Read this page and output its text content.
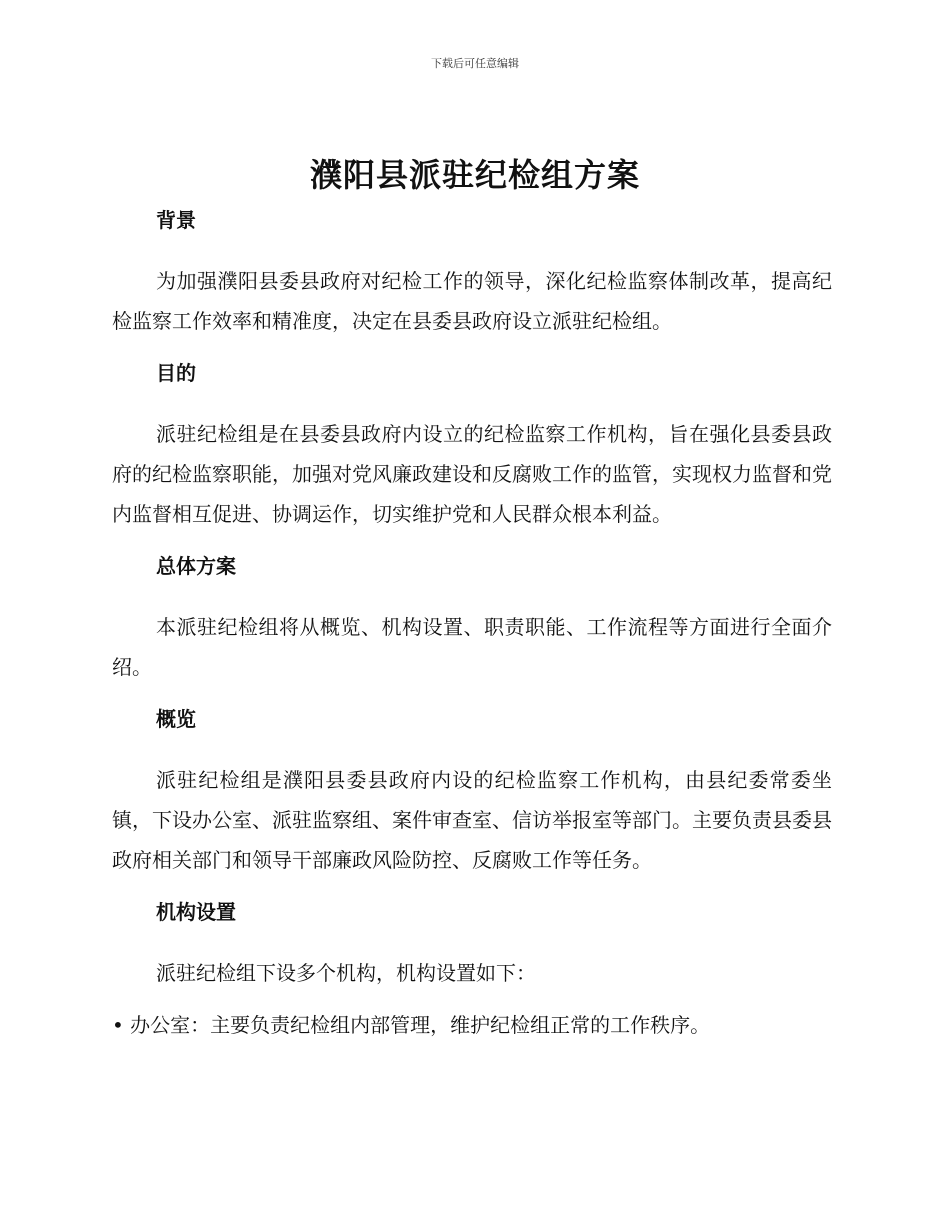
下载后可任意编辑
濮阳县派驻纪检组方案

背景

为加强濮阳县委县政府对纪检工作的领导，深化纪检监察体制改革，提高纪检监察工作效率和精准度，决定在县委县政府设立派驻纪检组。

目的

派驻纪检组是在县委县政府内设立的纪检监察工作机构，旨在强化县委县政府的纪检监察职能，加强对党风廉政建设和反腐败工作的监管，实现权力监督和党内监督相互促进、协调运作，切实维护党和人民群众根本利益。

总体方案

本派驻纪检组将从概览、机构设置、职责职能、工作流程等方面进行全面介绍。

概览

派驻纪检组是濮阳县委县政府内设的纪检监察工作机构，由县纪委常委坐镇，下设办公室、派驻监察组、案件审查室、信访举报室等部门。主要负责县委县政府相关部门和领导干部廉政风险防控、反腐败工作等任务。

机构设置

派驻纪检组下设多个机构，机构设置如下：

• 办公室：主要负责纪检组内部管理，维护纪检组正常的工作秩序。
